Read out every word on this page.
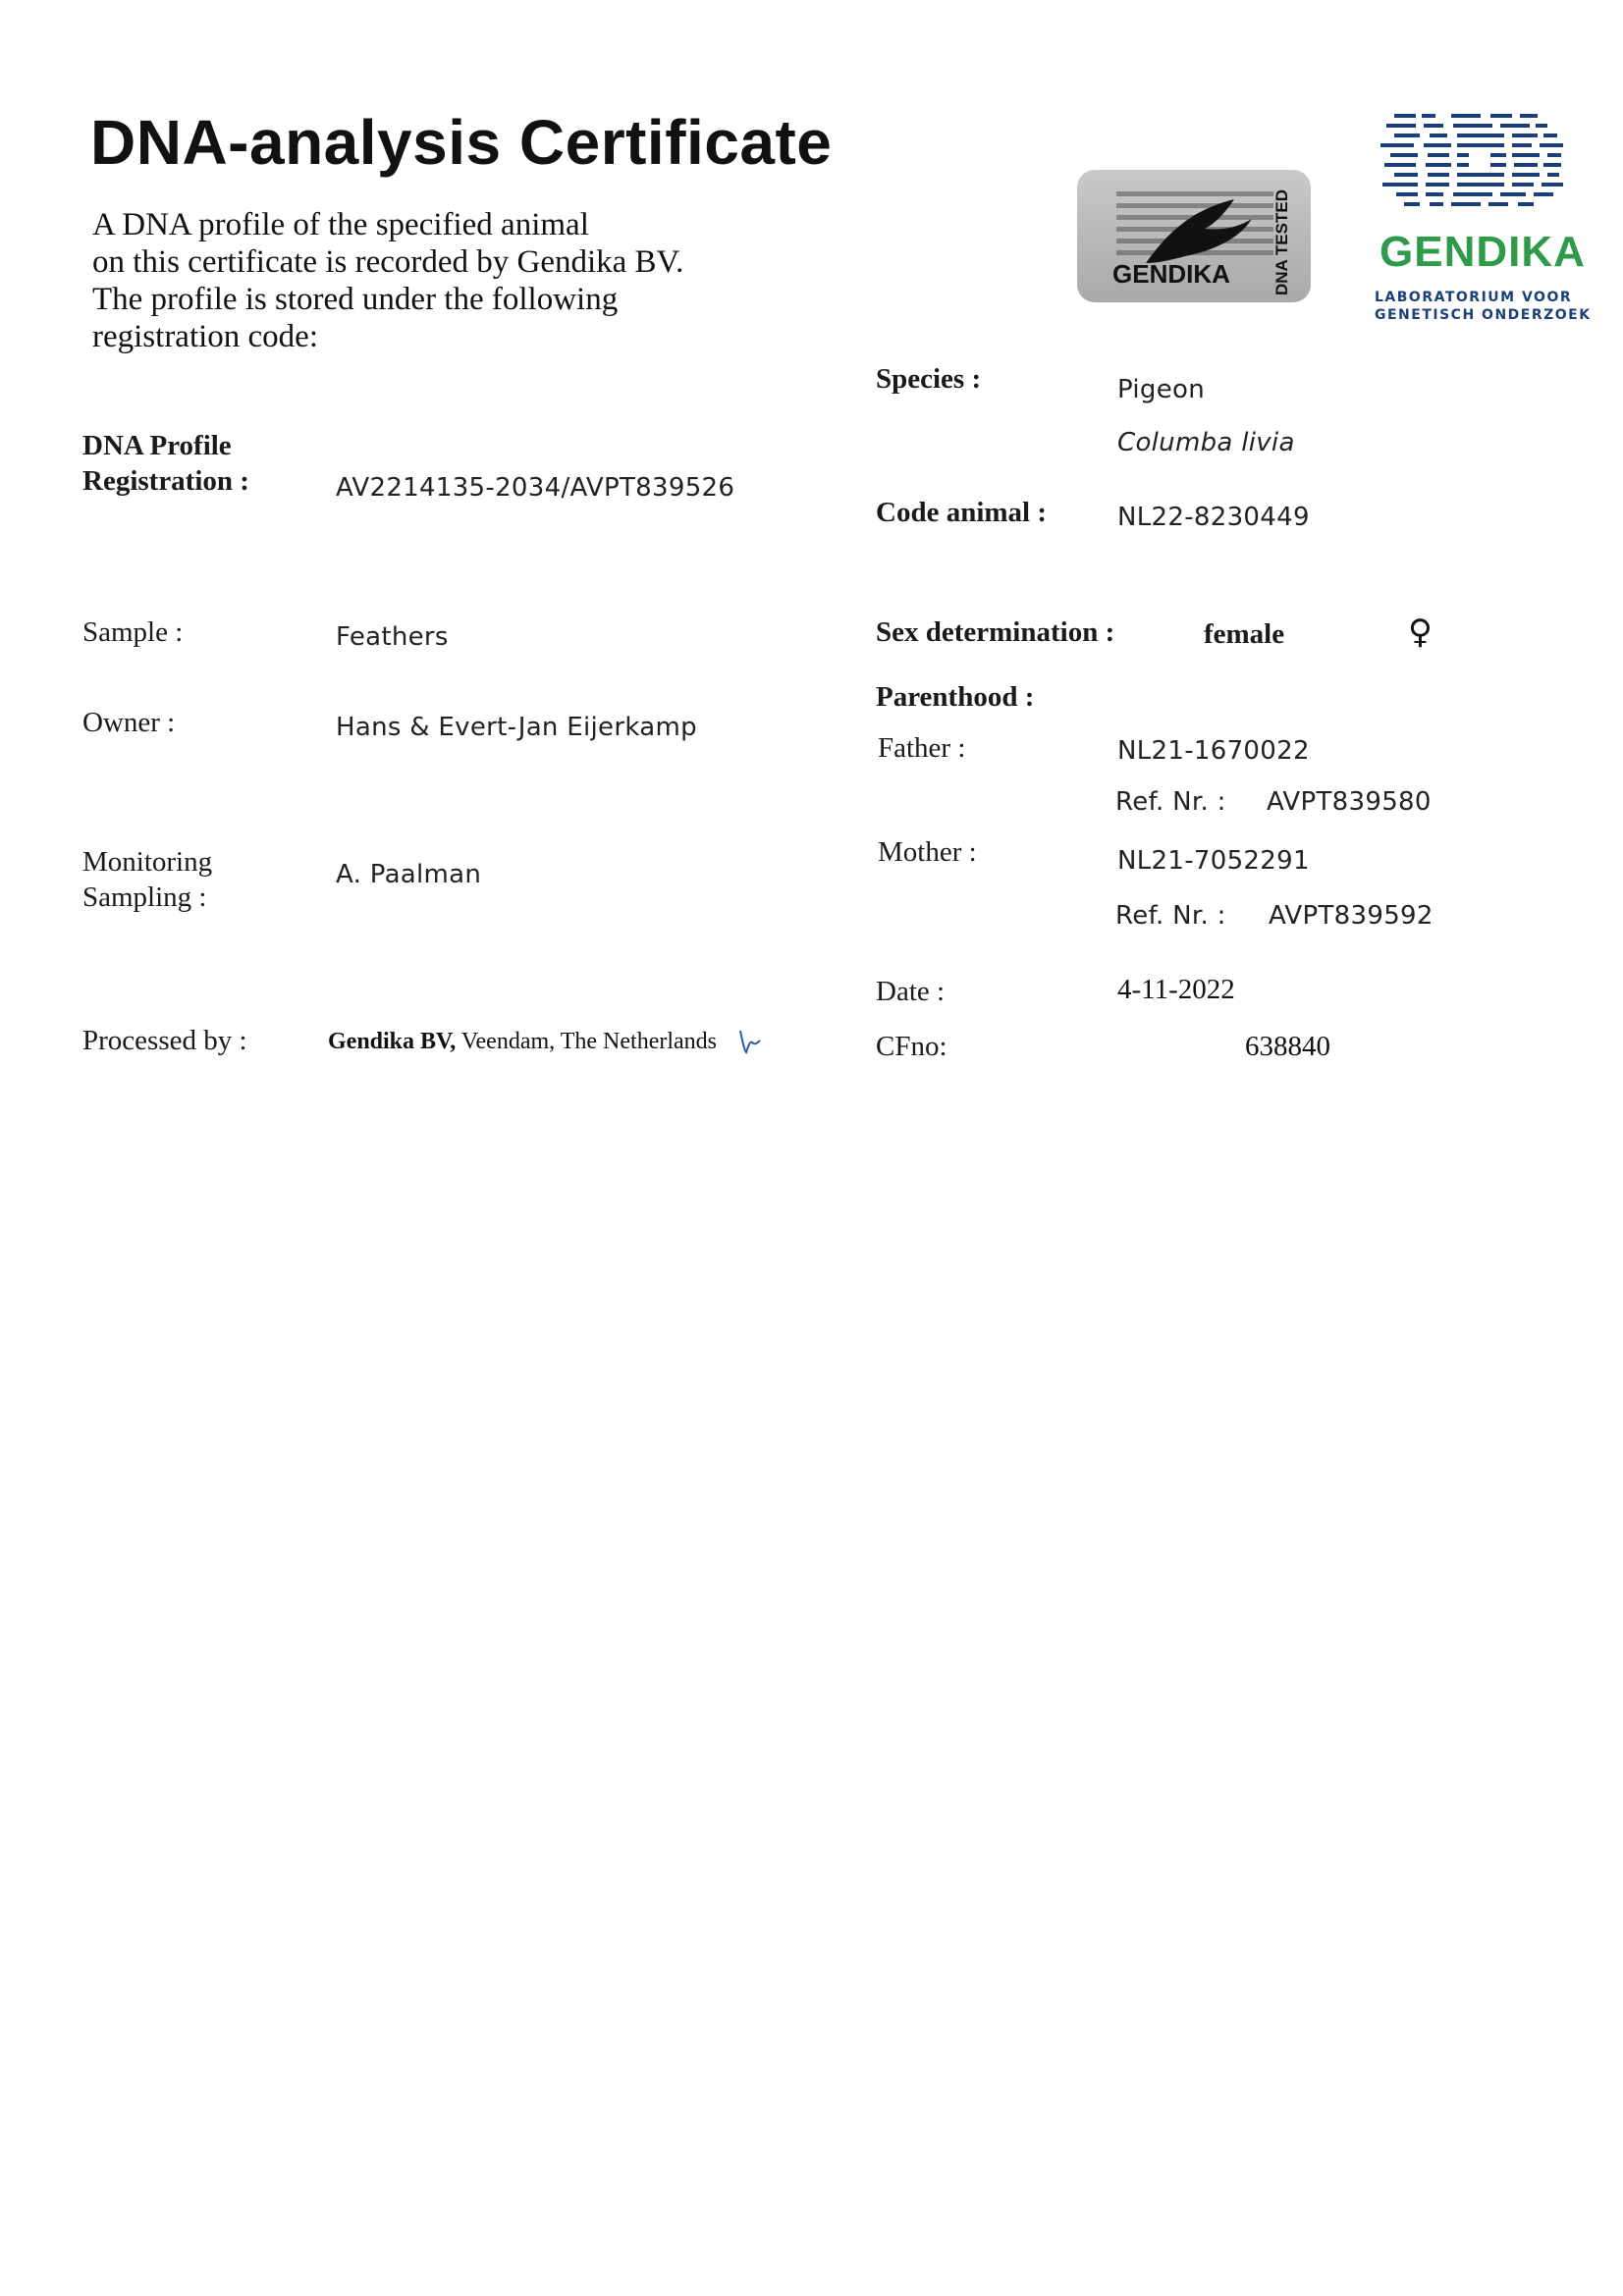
DNA-analysis Certificate
A DNA profile of the specified animal
on this certificate is recorded by Gendika BV.
The profile is stored under the following
registration code:
GENDIKA	DNA TESTED GENDIKA
LABORATORIUM VOOR
GENETISCH ONDERZOEK
DNA Profile
Registration :	AV2214135-2034/AVPT839526
Sample :	Feathers
Owner :	Hans & Evert-Jan Eijerkamp
Monitoring
Sampling :
A. Paalman
Processed by :	Gendika BV, Veendam, The Netherlands
Species :	Pigeon
Columba livia
Code animal :	NL22-8230449
Sex determination :	female	♀
Parenthood :
Father :	NL21-1670022
Ref. Nr. : AVPT839580
Mother :	NL21-7052291
Ref. Nr. : AVPT839592
Date :	4-11-2022
CFno:	638840
